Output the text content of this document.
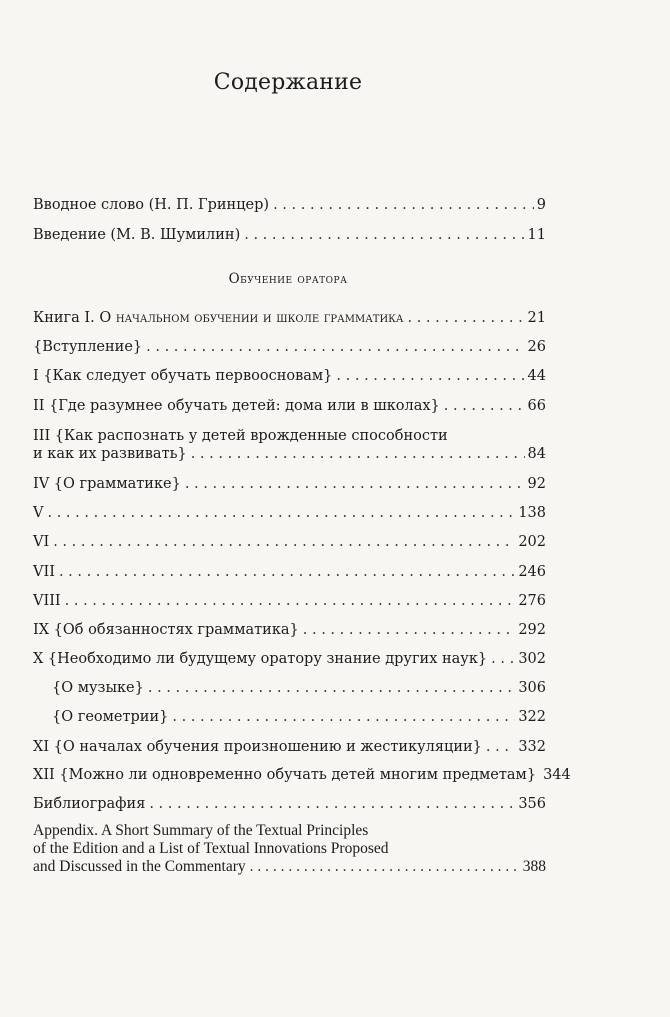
Содержание
Вводное слово (Н. П. Гринцер) . . .	9
Введение (М. В. Шумилин) . . .	11
Обучение оратора
Книга I. О начальном обучении и школе грамматика . . .	21
{Вступление} . . .	26
I {Как следует обучать первоосновам} . . .	44
II {Где разумнее обучать детей: дома или в школах} . . .	66
III {Как распознать у детей врожденные способности
и как их развивать} . . .	84
IV {О грамматике} . . .	92
V . . .	138
VI . . .	202
VII . . .	246
VIII . . .	276
IX {Об обязанностях грамматика} . . .	292
X {Необходимо ли будущему оратору знание других наук} . . . 302
{О музыке} . . .	306
{О геометрии} . . .	322
XI {О началах обучения произношению и жестикуляции} . . .	332
XII {Можно ли одновременно обучать детей многим предметам} 344
Библиография . . .	356
Appendix. A Short Summary of the Textual Principles
of the Edition and a List of Textual Innovations Proposed
and Discussed in the Commentary . . .	388
